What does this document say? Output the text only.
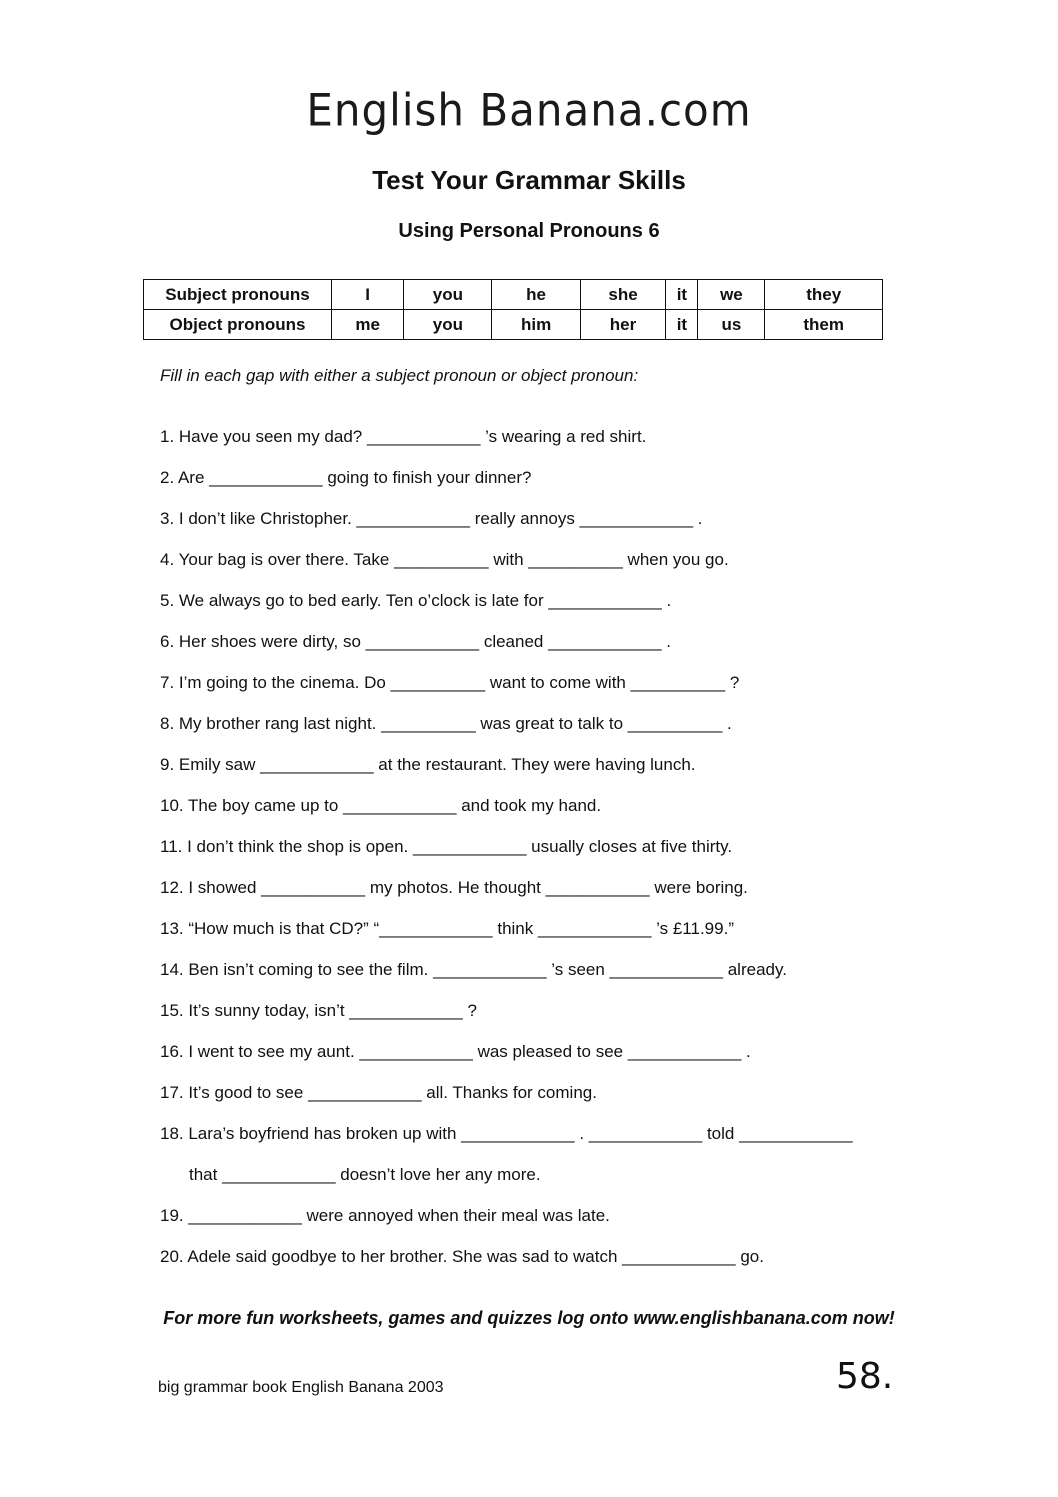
English Banana.com
Test Your Grammar Skills
Using Personal Pronouns 6
Subject pronouns	I	you	he	she	it	we	they
Object pronouns	me	you	him	her	it	us	them
Fill in each gap with either a subject pronoun or object pronoun:
1. Have you seen my dad? ____________ ’s wearing a red shirt.
2. Are ____________ going to finish your dinner?
3. I don’t like Christopher. ____________ really annoys ____________ .
4. Your bag is over there. Take __________ with __________ when you go.
5. We always go to bed early. Ten o’clock is late for ____________ .
6. Her shoes were dirty, so ____________ cleaned ____________ .
7. I’m going to the cinema. Do __________ want to come with __________ ?
8. My brother rang last night. __________ was great to talk to __________ .
9. Emily saw ____________ at the restaurant. They were having lunch.
10. The boy came up to ____________ and took my hand.
11. I don’t think the shop is open. ____________ usually closes at five thirty.
12. I showed ___________ my photos. He thought ___________ were boring.
13. “How much is that CD?” “____________ think ____________ ’s £11.99.”
14. Ben isn’t coming to see the film. ____________ ’s seen ____________ already.
15. It’s sunny today, isn’t ____________ ?
16. I went to see my aunt. ____________ was pleased to see ____________ .
17. It’s good to see ____________ all. Thanks for coming.
18. Lara’s boyfriend has broken up with ____________ . ____________ told ____________
that ____________ doesn’t love her any more.
19. ____________ were annoyed when their meal was late.
20. Adele said goodbye to her brother. She was sad to watch ____________ go.
For more fun worksheets, games and quizzes log onto www.englishbanana.com now!
big grammar book English Banana 2003	58.
